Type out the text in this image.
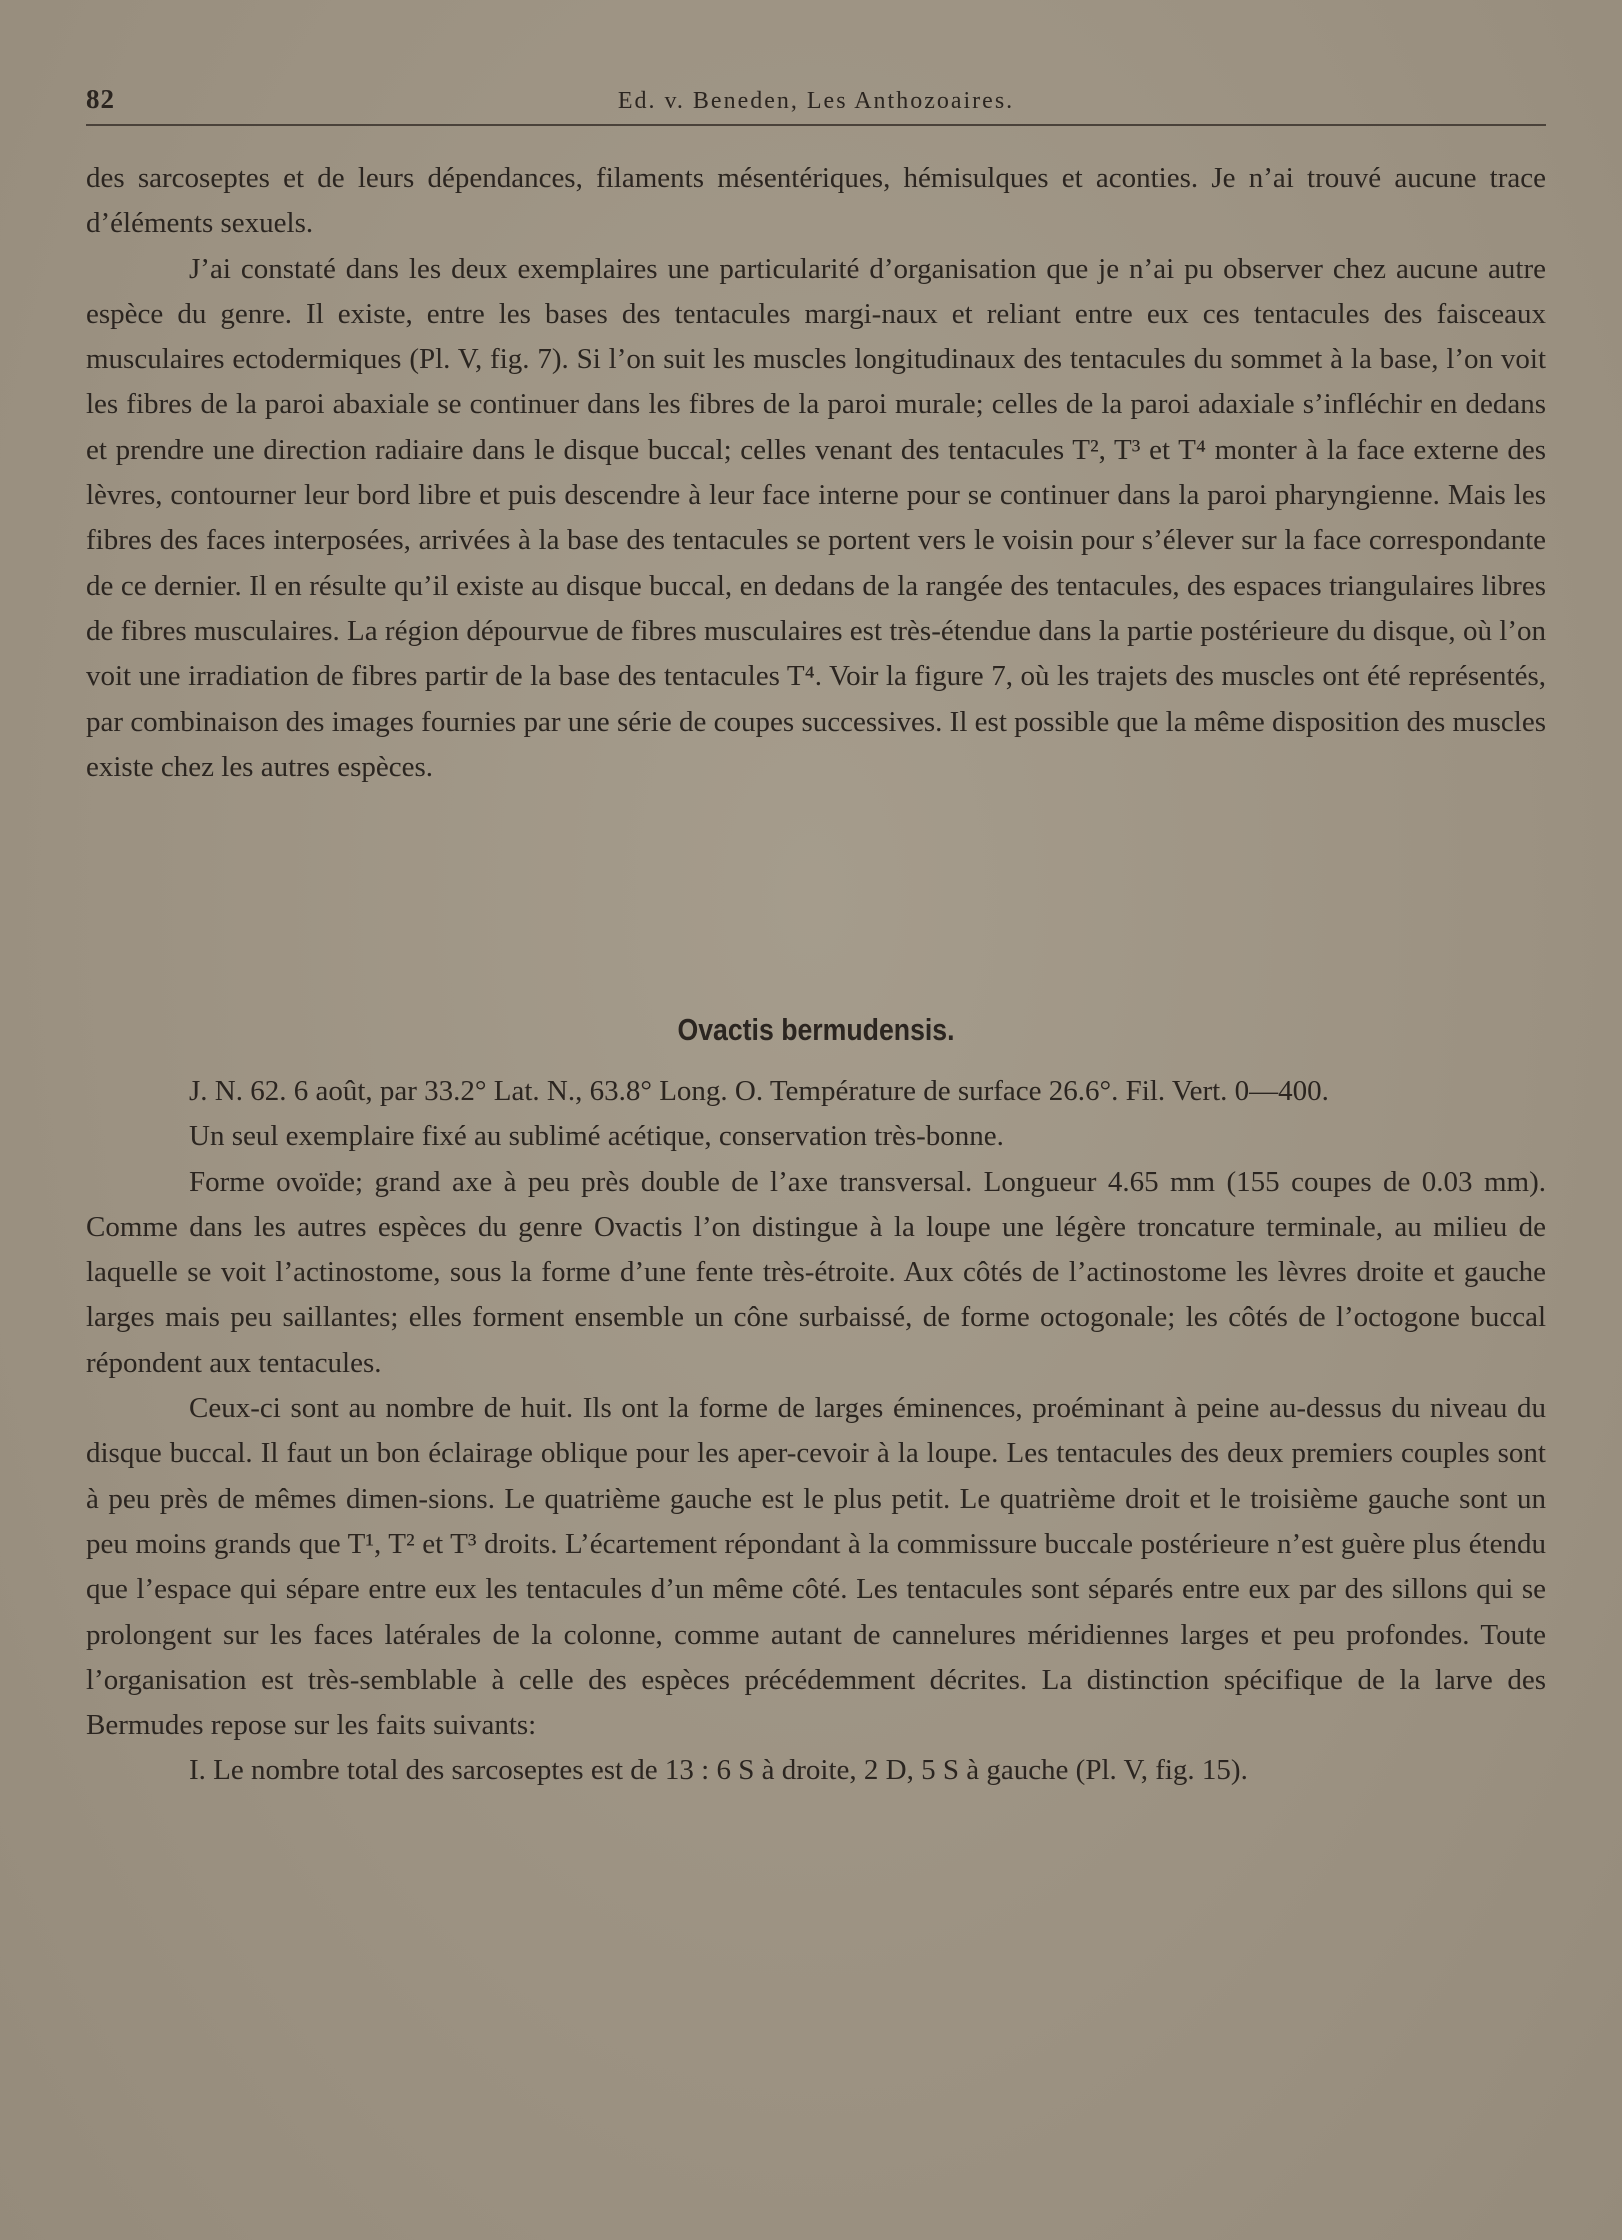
82	Ed. v. Beneden, Les Anthozoaires.

des sarcoseptes et de leurs dépendances, filaments mésentériques, hémisulques et aconties. Je n’ai trouvé aucune trace d’éléments sexuels.

J’ai constaté dans les deux exemplaires une particularité d’organisation que je n’ai pu observer chez aucune autre espèce du genre. Il existe, entre les bases des tentacules margi-naux et reliant entre eux ces tentacules des faisceaux musculaires ectodermiques (Pl. V, fig. 7). Si l’on suit les muscles longitudinaux des tentacules du sommet à la base, l’on voit les fibres de la paroi abaxiale se continuer dans les fibres de la paroi murale; celles de la paroi adaxiale s’infléchir en dedans et prendre une direction radiaire dans le disque buccal; celles venant des tentacules T², T³ et T⁴ monter à la face externe des lèvres, contourner leur bord libre et puis descendre à leur face interne pour se continuer dans la paroi pharyngienne. Mais les fibres des faces interposées, arrivées à la base des tentacules se portent vers le voisin pour s’élever sur la face correspondante de ce dernier. Il en résulte qu’il existe au disque buccal, en dedans de la rangée des tentacules, des espaces triangulaires libres de fibres musculaires. La région dépourvue de fibres musculaires est très-étendue dans la partie postérieure du disque, où l’on voit une irradiation de fibres partir de la base des tentacules T⁴. Voir la figure 7, où les trajets des muscles ont été représentés, par combinaison des images fournies par une série de coupes successives. Il est possible que la même disposition des muscles existe chez les autres espèces.

Ovactis bermudensis.

J. N. 62. 6 août, par 33.2° Lat. N., 63.8° Long. O. Température de surface 26.6°. Fil. Vert. 0—400.

Un seul exemplaire fixé au sublimé acétique, conservation très-bonne.

Forme ovoïde; grand axe à peu près double de l’axe transversal. Longueur 4.65 mm (155 coupes de 0.03 mm). Comme dans les autres espèces du genre Ovactis l’on distingue à la loupe une légère troncature terminale, au milieu de laquelle se voit l’actinostome, sous la forme d’une fente très-étroite. Aux côtés de l’actinostome les lèvres droite et gauche larges mais peu saillantes; elles forment ensemble un cône surbaissé, de forme octogonale; les côtés de l’octogone buccal répondent aux tentacules.

Ceux-ci sont au nombre de huit. Ils ont la forme de larges éminences, proéminant à peine au-dessus du niveau du disque buccal. Il faut un bon éclairage oblique pour les aper-cevoir à la loupe. Les tentacules des deux premiers couples sont à peu près de mêmes dimen-sions. Le quatrième gauche est le plus petit. Le quatrième droit et le troisième gauche sont un peu moins grands que T¹, T² et T³ droits. L’écartement répondant à la commissure buccale postérieure n’est guère plus étendu que l’espace qui sépare entre eux les tentacules d’un même côté. Les tentacules sont séparés entre eux par des sillons qui se prolongent sur les faces latérales de la colonne, comme autant de cannelures méridiennes larges et peu profondes. Toute l’organisation est très-semblable à celle des espèces précédemment décrites. La distinction spécifique de la larve des Bermudes repose sur les faits suivants:

I. Le nombre total des sarcoseptes est de 13 : 6 S à droite, 2 D, 5 S à gauche (Pl. V, fig. 15).
